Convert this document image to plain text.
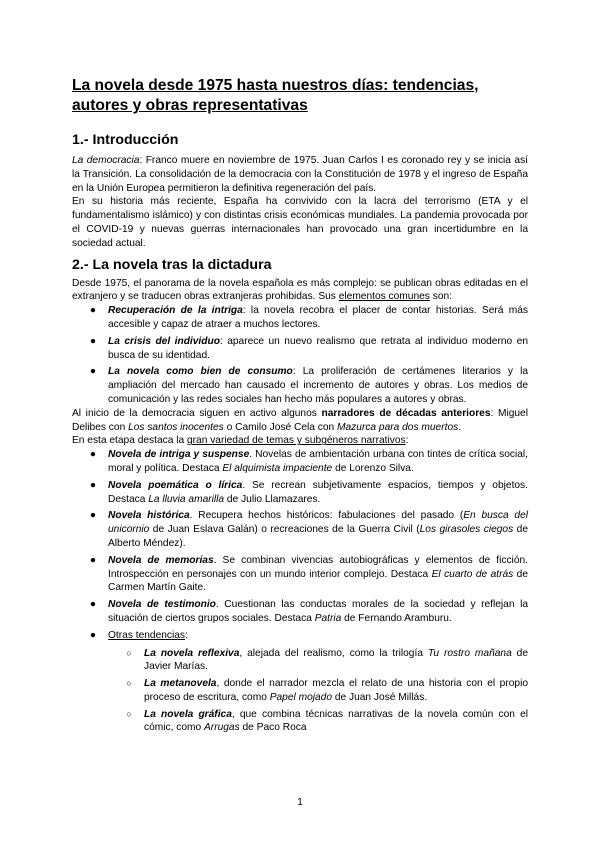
La novela desde 1975 hasta nuestros días: tendencias, autores y obras representativas
1.- Introducción

La democracia: Franco muere en noviembre de 1975. Juan Carlos I es coronado rey y se inicia así la Transición. La consolidación de la democracia con la Constitución de 1978 y el ingreso de España en la Unión Europea permitieron la definitiva regeneración del país.

En su historia más reciente, España ha convivido con la lacra del terrorismo (ETA y el fundamentalismo islámico) y con distintas crisis económicas mundiales. La pandemia provocada por el COVID-19 y nuevas guerras internacionales han provocado una gran incertidumbre en la sociedad actual.

2.- La novela tras la dictadura

Desde 1975, el panorama de la novela española es más complejo: se publican obras editadas en el extranjero y se traducen obras extranjeras prohibidas. Sus elementos comunes son:

● Recuperación de la intriga: la novela recobra el placer de contar historias. Será más accesible y capaz de atraer a muchos lectores.
● La crisis del individuo: aparece un nuevo realismo que retrata al individuo moderno en busca de su identidad.
● La novela como bien de consumo: La proliferación de certámenes literarios y la ampliación del mercado han causado el incremento de autores y obras. Los medios de comunicación y las redes sociales han hecho más populares a autores y obras.

Al inicio de la democracia siguen en activo algunos narradores de décadas anteriores: Miguel Delibes con Los santos inocentes o Camilo José Cela con Mazurca para dos muertos.

En esta etapa destaca la gran variedad de temas y subgéneros narrativos:

● Novela de intriga y suspense. Novelas de ambientación urbana con tintes de crítica social, moral y política. Destaca El alquimista impaciente de Lorenzo Silva.
● Novela poemática o lírica. Se recrean subjetivamente espacios, tiempos y objetos. Destaca La lluvia amarilla de Julio Llamazares.
● Novela histórica. Recupera hechos históricos: fabulaciones del pasado (En busca del unicornio de Juan Eslava Galán) o recreaciones de la Guerra Civil (Los girasoles ciegos de Alberto Méndez).
● Novela de memorias. Se combinan vivencias autobiográficas y elementos de ficción. Introspección en personajes con un mundo interior complejo. Destaca El cuarto de atrás de Carmen Martín Gaite.
● Novela de testimonio. Cuestionan las conductas morales de la sociedad y reflejan la situación de ciertos grupos sociales. Destaca Patria de Fernando Aramburu.
● Otras tendencias:
○ La novela reflexiva, alejada del realismo, como la trilogía Tu rostro mañana de Javier Marías.
○ La metanovela, donde el narrador mezcla el relato de una historia con el propio proceso de escritura, como Papel mojado de Juan José Millás.
○ La novela gráfica, que combina técnicas narrativas de la novela común con el cómic, como Arrugas de Paco Roca
1
